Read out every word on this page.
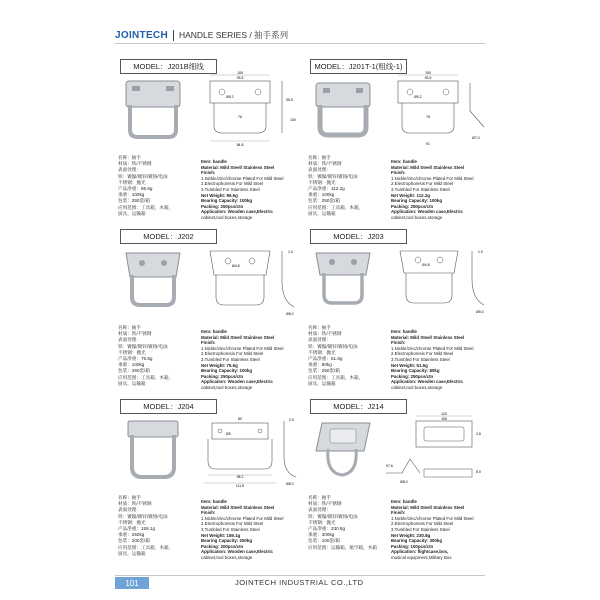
JOINTECH HANDLE SERIES / 抽手系列
MODEL：J201B细线
105
93.5
35.5
Ø5.2
76
84.8
100
名称：抽手
材质：铁/不锈钢
表面处理：
铁：镀镍/镀锌/镀铬/电泳
不锈钢：抛光
产品净重：86.6g
承重：100kg
包装：250套/箱
应用范围：工具箱，木箱，
厨具，运输箱
Item: handle
Material: Mild Steel/ Stainless Steel
Finish:
1.Nickle/zinc/chrome Plated For Mild Steel
2.Electrophoresis For Mild Steel
3.Tumbled For Stainless Steel
Net Weight: 86.6g
Bearing Capacity: 100kg
Packing: 250pcs/ctn
Application: Wooden case,Electric
cabinet,tool boxes,storage
MODEL：J201T-1(粗线-1)
105
93.5
Ø5.2
76
91
Ø7.0
名称：抽手
材质：铁/不锈钢
表面处理：
铁：镀镍/镀锌/镀铬/电泳
不锈钢：抛光
产品净重：112.2g
承重：100kg
包装：250套/箱
应用范围：工具箱，木箱，
厨具，运输箱
Item: handle
Material: Mild Steel/ Stainless Steel
Finish:
1.Nickle/zinc/chrome Plated For Mild Steel
2.Electrophoresis For Mild Steel
3.Tumbled For Stainless Steel
Net Weight: 112.2g
Bearing Capacity: 100kg
Packing: 250pcs/ctn
Application: Wooden case,Electric
cabinet,tool boxes,storage
MODEL：J202
1.0
Ø4.8
Ø6.0
名称：抽手
材质：铁/不锈钢
表面处理：
铁：镀镍/镀锌/镀铬/电泳
不锈钢：抛光
产品净重：75.5g
承重：100kg
包装：250套/箱
应用范围：工具箱，木箱，
厨具，运输箱
Item: handle
Material: Mild Steel/ Stainless Steel
Finish:
1.Nickle/zinc/chrome Plated For Mild Steel
2.Electrophoresis For Mild Steel
3.Tumbled For Stainless Steel
Net Weight: 75.5g
Bearing Capacity: 100kg
Packing: 250pcs/ctn
Application: Wooden case,Electric
cabinet,tool boxes,storage
MODEL：J203
1.0
Ø4.8
Ø5.0
名称：抽手
材质：铁/不锈钢
表面处理：
铁：镀镍/镀锌/镀铬/电泳
不锈钢：抛光
产品净重：61.6g
承重：80kg
包装：250套/箱
应用范围：工具箱，木箱，
厨具，运输箱
Item: handle
Material: Mild Steel/ Stainless Steel
Finish:
1.Nickle/zinc/chrome Plated For Mild Steel
2.Electrophoresis For Mild Steel
3.Tumbled For Stainless Steel
Net Weight: 61.6g
Bearing Capacity: 80kg
Packing: 250pcs/ctn
Application: Wooden case,Electric
cabinet,tool boxes,storage
MODEL：J204
80	2.0
Ø5
98.2
111.5	Ø8.0
名称：抽手
材质：铁/不锈钢
表面处理：
铁：镀镍/镀锌/镀铬/电泳
不锈钢：抛光
产品净重：159.1g
承重：250kg
包装：200套/箱
应用范围：工具箱，木箱，
厨具，运输箱
Item: handle
Material: Mild Steel/ Stainless Steel
Finish:
1.Nickle/zinc/chrome Plated For Mild Steel
2.Electrophoresis For Mild Steel
3.Tumbled For Stainless Steel
Net Weight: 159.1g
Bearing Capacity: 250kg
Packing: 200pcs/ctn
Application: Wooden case,Electric
cabinet,tool boxes,storage
MODEL：J214
120
106
2.8
97.6
8.0
Ø8.0
名称：抽手
材质：铁/不锈钢
表面处理：
铁：镀镍/镀锌/镀铬/电泳
不锈钢：抛光
产品净重：230.8g
承重：300kg
包装：100套/箱
应用范围：运输箱，航空箱，木箱
Item: handle
Material: Mild Steel/ Stainless Steel
Finish:
1.Nickle/zinc/chrome Plated For Mild Steel
2.Electrophoresis For Mild Steel
3.Tumbled For Stainless Steel
Net Weight: 230.8g
Bearing Capacity: 300kg
Packing: 100pcs/ctn
Application: flightcase,box,
musical equipment,Military Box
101	JOINTECH INDUSTRIAL CO.,LTD
